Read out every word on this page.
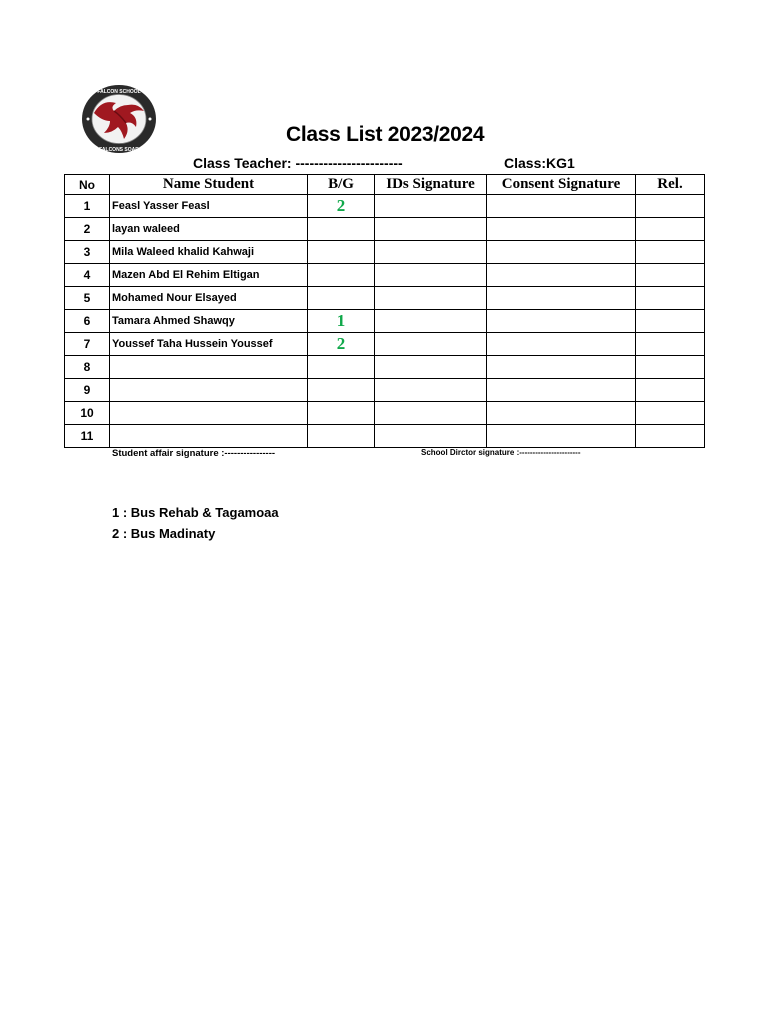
FALCON SCHOOL
FALCONS SOAR
Class List 2023/2024
Class Teacher: -----------------------	Class:KG1
No	Name Student	B/G	IDs Signature	Consent Signature	Rel.
1	Feasl Yasser Feasl	2			
2	layan waleed				
3	Mila Waleed khalid Kahwaji				
4	Mazen Abd El Rehim Eltigan				
5	Mohamed Nour Elsayed				
6	Tamara Ahmed Shawqy	1			
7	Youssef Taha Hussein Youssef	2			
8					
9					
10					
11					
Student affair signature :----------------	School Dirctor signature :-----------------------
1 : Bus Rehab & Tagamoaa
2 : Bus Madinaty
